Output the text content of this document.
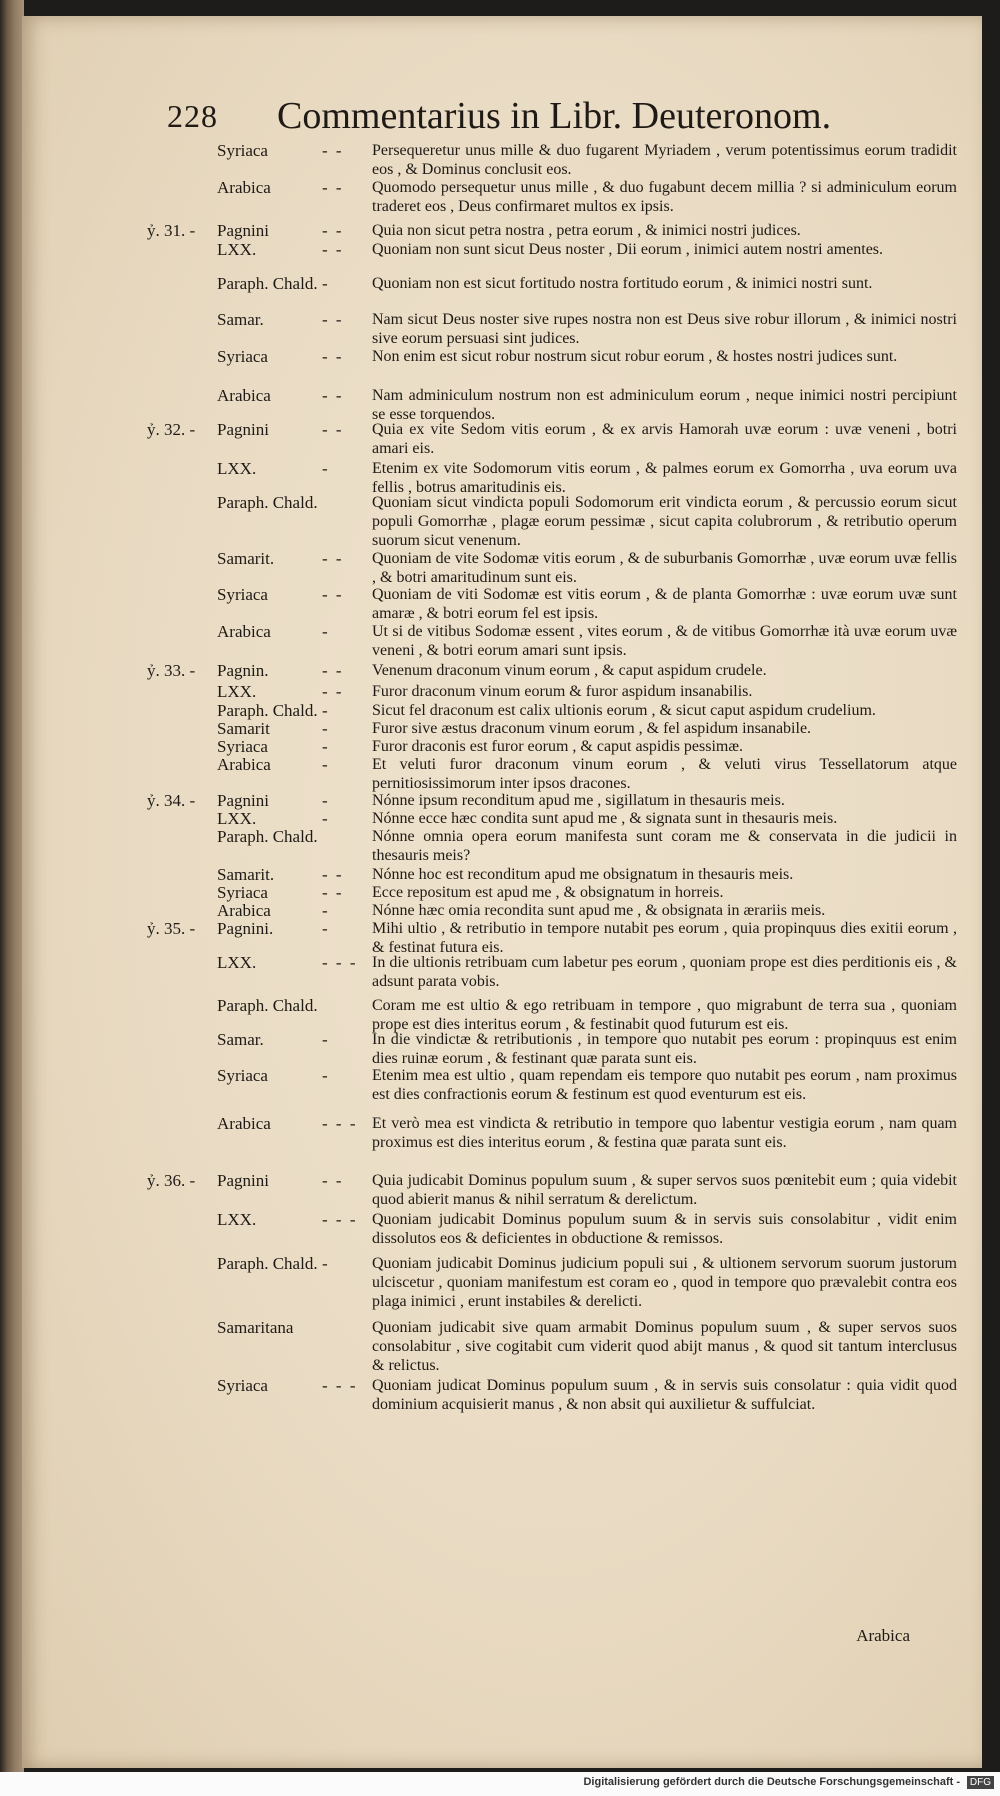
228 Commentarius in Libr. Deuteronom.
Syriaca	- - Persequeretur unus mille & duo fugarent Myriadem , verum potentissimus eorum tradidit eos , & Dominus conclusit eos.
Arabica	- - Quomodo persequetur unus mille , & duo fugabunt decem millia ? si adminiculum eorum traderet eos , Deus confirmaret multos ex ipsis.
ỷ. 31. - Pagnini	- - Quia non sicut petra nostra , petra eorum , & inimici nostri judices.
LXX.	- - Quoniam non sunt sicut Deus noster , Dii eorum , inimici autem nostri amentes.
Paraph. Chald. -	Quoniam non est sicut fortitudo nostra fortitudo eorum , & inimici nostri sunt.
Samar.	- - Nam sicut Deus noster sive rupes nostra non est Deus sive robur illorum , & inimici nostri sive eorum persuasi sint judices.
Syriaca	- - Non enim est sicut robur nostrum sicut robur eorum , & hostes nostri judices sunt.
Arabica	- - Nam adminiculum nostrum non est adminiculum eorum , neque inimici nostri percipiunt se esse torquendos.
ỷ. 32. - Pagnini	- - Quia ex vite Sedom vitis eorum , & ex arvis Hamorah uvæ eorum : uvæ veneni , botri amari eis.
LXX.	-	Etenim ex vite Sodomorum vitis eorum , & palmes eorum ex Gomorrha , uva eorum uva fellis , botrus amaritudinis eis.
Paraph. Chald.	Quoniam sicut vindicta populi Sodomorum erit vindicta eorum , & percussio eorum sicut populi Gomorrhæ , plagæ eorum pessimæ , sicut capita colubrorum , & retributio operum suorum sicut venenum.
Samarit.	- - Quoniam de vite Sodomæ vitis eorum , & de suburbanis Gomorrhæ , uvæ eorum uvæ fellis , & botri amaritudinum sunt eis.
Syriaca	- - Quoniam de viti Sodomæ est vitis eorum , & de planta Gomorrhæ : uvæ eorum uvæ sunt amaræ , & botri eorum fel est ipsis.
Arabica	-	Ut si de vitibus Sodomæ essent , vites eorum , & de vitibus Gomorrhæ ità uvæ eorum uvæ veneni , & botri eorum amari sunt ipsis.
ỷ. 33. - Pagnin.	- - Venenum draconum vinum eorum , & caput aspidum crudele.
LXX.	- - Furor draconum vinum eorum & furor aspidum insanabilis.
Paraph. Chald. -	Sicut fel draconum est calix ultionis eorum , & sicut caput aspidum crudelium.
Samarit	-	Furor sive æstus draconum vinum eorum , & fel aspidum insanabile.
Syriaca	-	Furor draconis est furor eorum , & caput aspidis pessimæ.
Arabica	-	Et veluti furor draconum vinum eorum , & veluti virus Tessellatorum atque pernitiosissimorum inter ipsos dracones.
ỷ. 34. - Pagnini	-	Nónne ipsum reconditum apud me , sigillatum in thesauris meis.
LXX.	-	Nónne ecce hæc condita sunt apud me , & signata sunt in thesauris meis.
Paraph. Chald.	Nónne omnia opera eorum manifesta sunt coram me & conservata in die judicii in thesauris meis?
Samarit.	- - Nónne hoc est reconditum apud me obsignatum in thesauris meis.
Syriaca	- - Ecce repositum est apud me , & obsignatum in horreis.
Arabica	-	Nónne hæc omia recondita sunt apud me , & obsignata in ærariis meis.
ỷ. 35. - Pagnini.	-	Mihi ultio , & retributio in tempore nutabit pes eorum , quia propinquus dies exitii eorum , & festinat futura eis.
LXX.	- - - In die ultionis retribuam cum labetur pes eorum , quoniam prope est dies perditionis eis , & adsunt parata vobis.
Paraph. Chald.	Coram me est ultio & ego retribuam in tempore , quo migrabunt de terra sua , quoniam prope est dies interitus eorum , & festinabit quod futurum est eis.
Samar.	-	In die vindictæ & retributionis , in tempore quo nutabit pes eorum : propinquus est enim dies ruinæ eorum , & festinant quæ parata sunt eis.
Syriaca	-	Etenim mea est ultio , quam rependam eis tempore quo nutabit pes eorum , nam proximus est dies confractionis eorum & festinum est quod eventurum est eis.
Arabica	- - - Et verò mea est vindicta & retributio in tempore quo labentur vestigia eorum , nam quam proximus est dies interitus eorum , & festina quæ parata sunt eis.
ỷ. 36. - Pagnini	- - Quia judicabit Dominus populum suum , & super servos suos pœnitebit eum ; quia videbit quod abierit manus & nihil serratum & derelictum.
LXX.	- - - Quoniam judicabit Dominus populum suum & in servis suis consolabitur , vidit enim dissolutos eos & deficientes in obductione & remissos.
Paraph. Chald. -	Quoniam judicabit Dominus judicium populi sui , & ultionem servorum suorum justorum ulciscetur , quoniam manifestum est coram eo , quod in tempore quo prævalebit contra eos plaga inimici , erunt instabiles & derelicti.
Samaritana	Quoniam judicabit sive quam armabit Dominus populum suum , & super servos suos consolabitur , sive cogitabit cum viderit quod abijt manus , & quod sit tantum interclusus & relictus.
Syriaca	- - - Quoniam judicat Dominus populum suum , & in servis suis consolatur : quia vidit quod dominium acquisierit manus , & non absit qui auxilietur & suffulciat.
Arabica
Digitalisierung gefördert durch die Deutsche Forschungsgemeinschaft - DFG
